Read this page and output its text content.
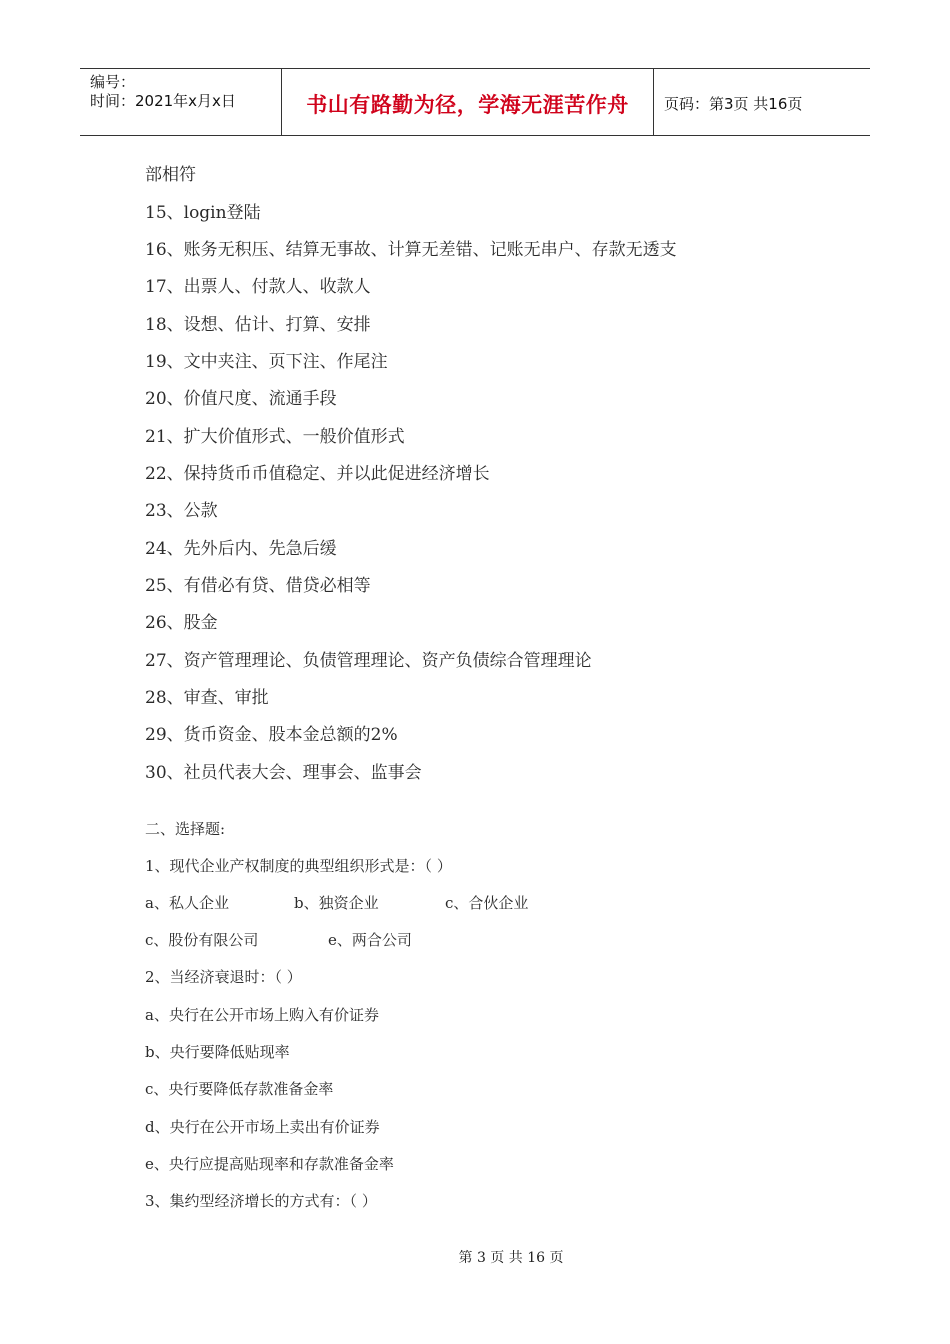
编号：
时间：2021年x月x日	书山有路勤为径，学海无涯苦作舟	页码：第3页 共16页
部相符
15、login登陆
16、账务无积压、结算无事故、计算无差错、记账无串户、存款无透支
17、出票人、付款人、收款人
18、设想、估计、打算、安排
19、文中夹注、页下注、作尾注
20、价值尺度、流通手段
21、扩大价值形式、一般价值形式
22、保持货币币值稳定、并以此促进经济增长
23、公款
24、先外后内、先急后缓
25、有借必有贷、借贷必相等
26、股金
27、资产管理理论、负债管理理论、资产负债综合管理理论
28、审查、审批
29、货币资金、股本金总额的2%
30、社员代表大会、理事会、监事会
二、选择题:
1、现代企业产权制度的典型组织形式是：（ ）
a、私人企业	b、独资企业	c、合伙企业
c、股份有限公司	e、两合公司
2、当经济衰退时：（ ）
a、央行在公开市场上购入有价证券
b、央行要降低贴现率
c、央行要降低存款准备金率
d、央行在公开市场上卖出有价证券
e、央行应提高贴现率和存款准备金率
3、集约型经济增长的方式有：（ ）
第 3 页 共 16 页
